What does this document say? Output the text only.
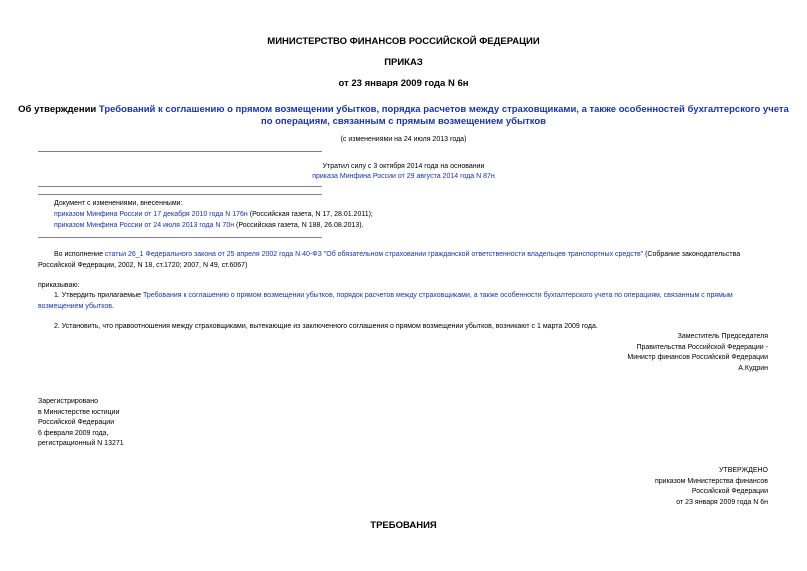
МИНИСТЕРСТВО ФИНАНСОВ РОССИЙСКОЙ ФЕДЕРАЦИИ
ПРИКАЗ
от 23 января 2009 года N 6н
Об утверждении Требований к соглашению о прямом возмещении убытков, порядка расчетов между страховщиками, а также особенностей бухгалтерского учета
по операциям, связанным с прямым возмещением убытков
(с изменениями на 24 июля 2013 года)
Утратил силу с 3 октября 2014 года на основании
приказа Минфина России от 29 августа 2014 года N 87н
Документ с изменениями, внесенными:
приказом Минфина России от 17 декабря 2010 года N 176н (Российская газета, N 17, 28.01.2011);
приказом Минфина России от 24 июля 2013 года N 70н (Российская газета, N 188, 26.08.2013).
Во исполнение статьи 26_1 Федерального закона от 25 апреля 2002 года N 40-ФЗ "Об обязательном страховании гражданской ответственности владельцев транспортных средств" (Собрание законодательства
Российской Федерации, 2002, N 18, ст.1720; 2007, N 49, ст.6067)
приказываю:
1. Утвердить прилагаемые Требования к соглашению о прямом возмещении убытков, порядок расчетов между страховщиками, а также особенности бухгалтерского учета по операциям, связанным с прямым
возмещением убытков.
2. Установить, что правоотношения между страховщиками, вытекающие из заключенного соглашения о прямом возмещении убытков, возникают с 1 марта 2009 года.
Заместитель Председателя
Правительства Российской Федерации -
Министр финансов Российской Федерации
А.Кудрин
Зарегистрировано
в Министерстве юстиции
Российской Федерации
6 февраля 2009 года,
регистрационный N 13271
УТВЕРЖДЕНО
приказом Министерства финансов
Российской Федерации
от 23 января 2009 года N 6н
ТРЕБОВАНИЯ
